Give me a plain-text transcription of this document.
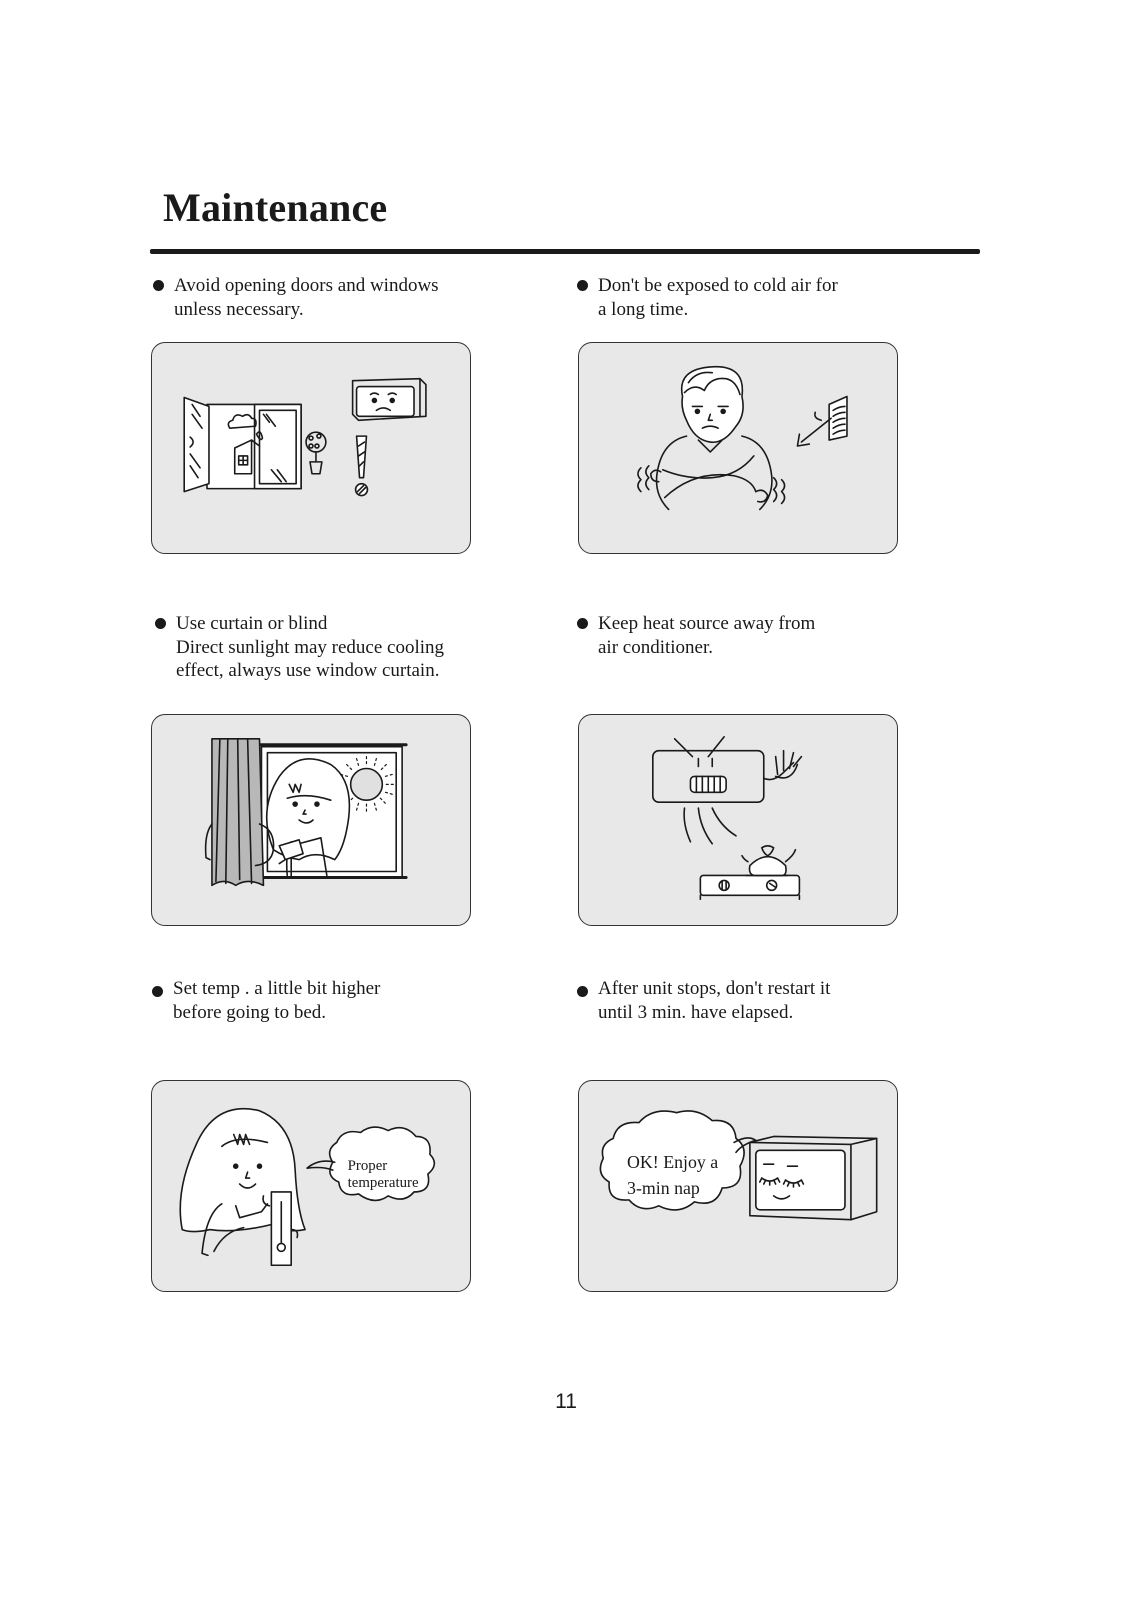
Maintenance
Avoid opening doors and windows
unless necessary.
Don't be exposed to cold air for
a long time.
Use curtain or blind
Direct sunlight may reduce cooling
effect, always use window curtain.
Keep heat source away from
air conditioner.
Set temp . a little bit higher
before going to bed.
After unit stops, don't restart it
until 3 min. have elapsed.
Proper
temperature
OK! Enjoy a
3-min nap
11
